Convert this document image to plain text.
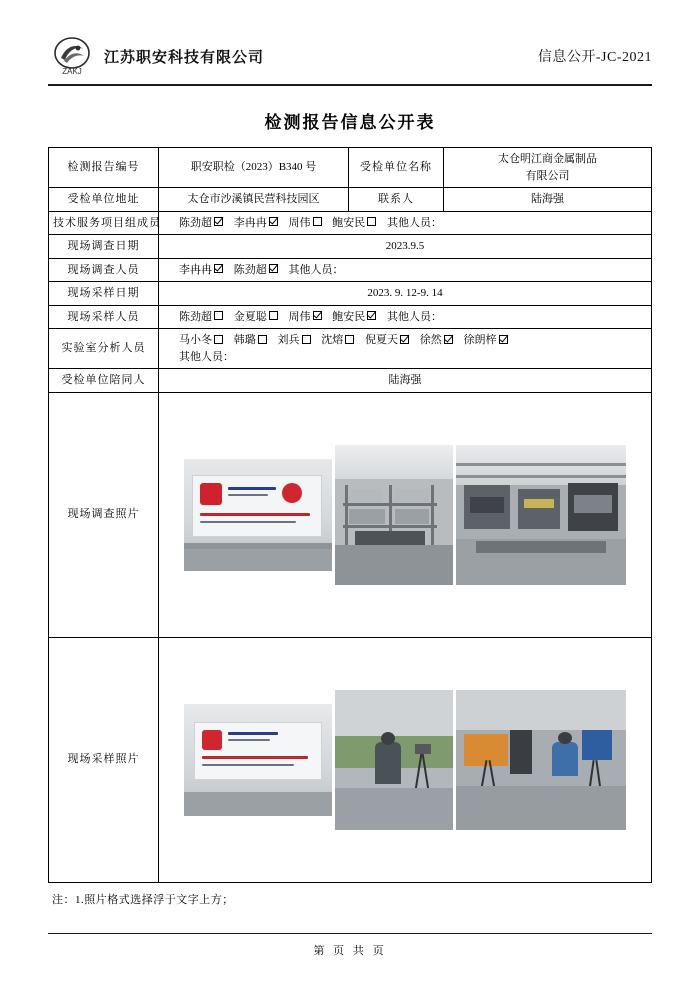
ZAKJ
江苏职安科技有限公司	信息公开-JC-2021
检测报告信息公开表
检测报告编号	职安职检（2023）B340 号	受检单位名称	太仓明江商金属制品
有限公司

受检单位地址	太仓市沙溪镇民营科技园区	联系人	陆海强
技术服务项目组成员	陈劲超 李冉冉 周伟 鲍安民 其他人员：		
现场调查日期	2023.9.5		
现场调查人员	李冉冉 陈劲超 其他人员：		
现场采样日期	2023. 9. 12-9. 14		
现场采样人员	陈劲超 金夏聪 周伟 鲍安民 其他人员：		
实验室分析人员	马小冬 韩璐 刘兵 沈熔 倪夏天 徐然 徐朗梓
其他人员：		

受检单位陪同人	陆海强		
现场调查照片			

现场采样照片			
注：1.照片格式选择浮于文字上方；
第 页 共 页
